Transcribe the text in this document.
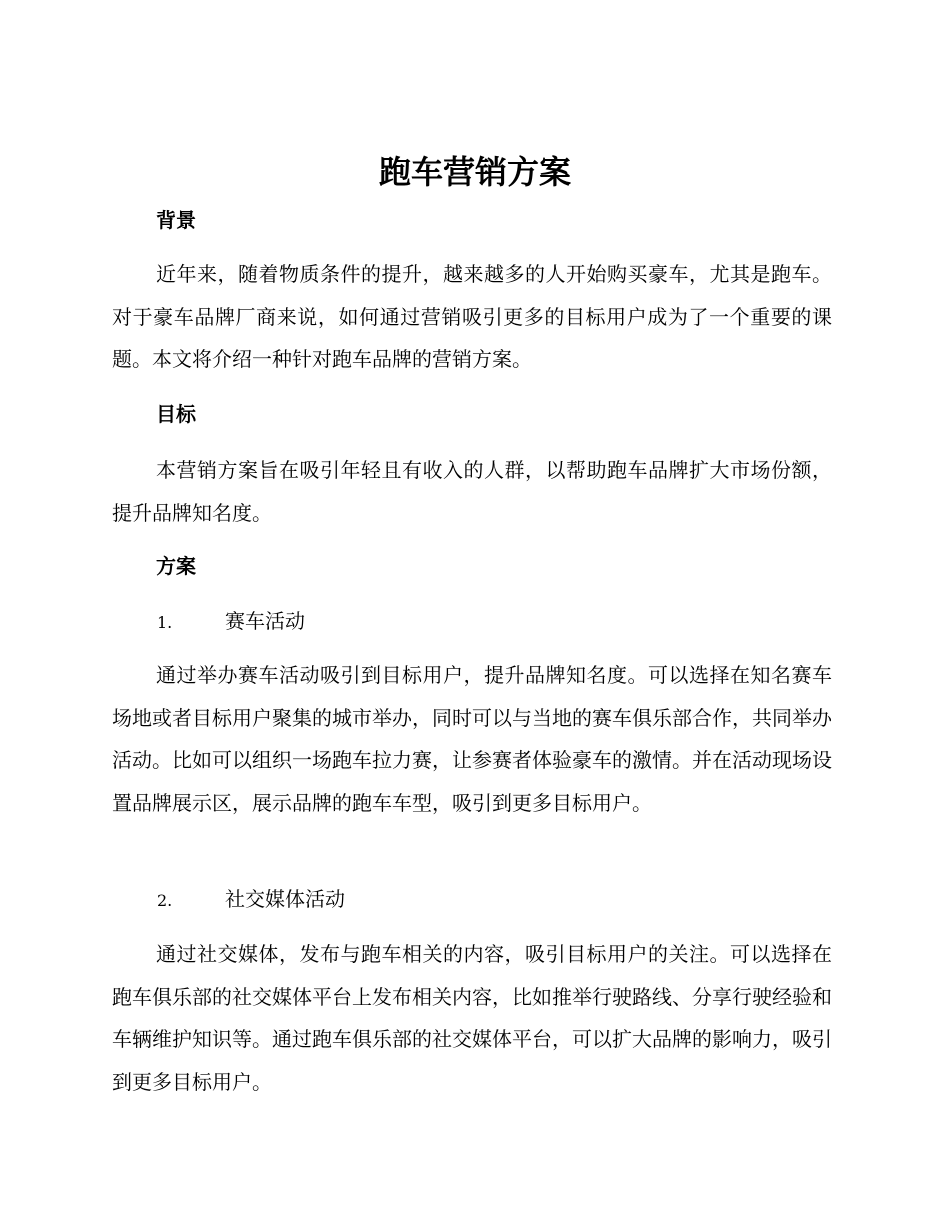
跑车营销方案
背景

近年来，随着物质条件的提升，越来越多的人开始购买豪车，尤其是跑车。对于豪车品牌厂商来说，如何通过营销吸引更多的目标用户成为了一个重要的课题。本文将介绍一种针对跑车品牌的营销方案。

目标

本营销方案旨在吸引年轻且有收入的人群，以帮助跑车品牌扩大市场份额，提升品牌知名度。

方案
1.	赛车活动

通过举办赛车活动吸引到目标用户，提升品牌知名度。可以选择在知名赛车场地或者目标用户聚集的城市举办，同时可以与当地的赛车俱乐部合作，共同举办活动。比如可以组织一场跑车拉力赛，让参赛者体验豪车的激情。并在活动现场设置品牌展示区，展示品牌的跑车车型，吸引到更多目标用户。

2.	社交媒体活动

通过社交媒体，发布与跑车相关的内容，吸引目标用户的关注。可以选择在跑车俱乐部的社交媒体平台上发布相关内容，比如推举行驶路线、分享行驶经验和车辆维护知识等。通过跑车俱乐部的社交媒体平台，可以扩大品牌的影响力，吸引到更多目标用户。
